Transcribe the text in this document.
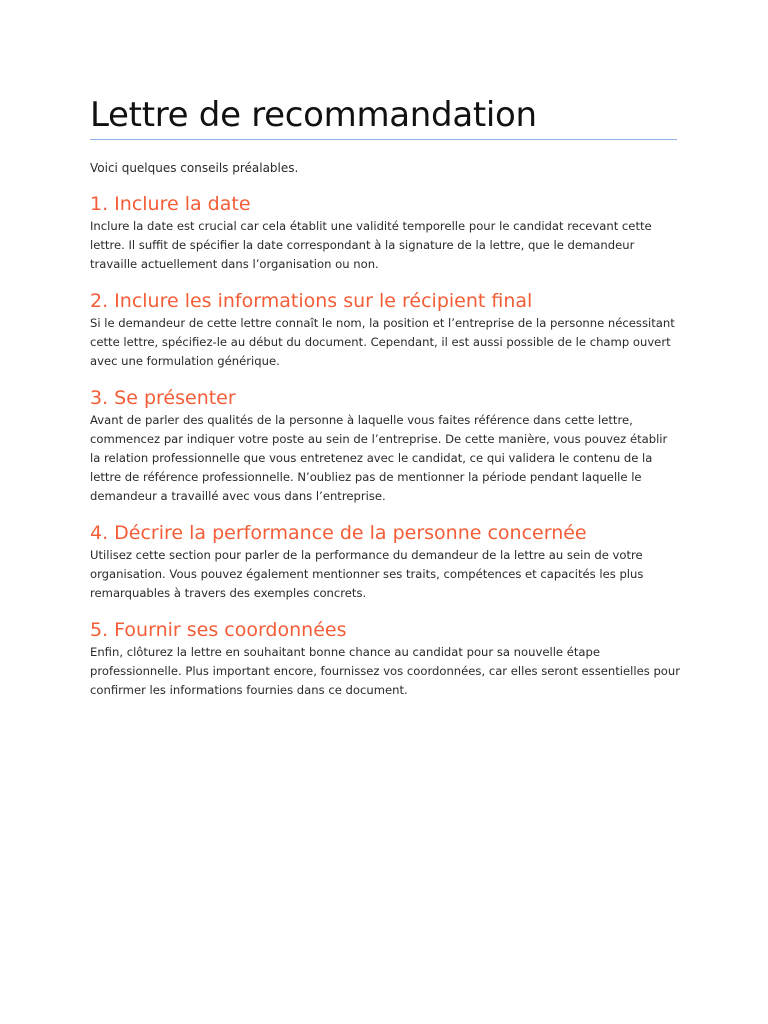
Lettre de recommandation

Voici quelques conseils préalables.

1. Inclure la date

Inclure la date est crucial car cela établit une validité temporelle pour le candidat recevant cette lettre. Il suffit de spécifier la date correspondant à la signature de la lettre, que le demandeur travaille actuellement dans l’organisation ou non.

2. Inclure les informations sur le récipient final

Si le demandeur de cette lettre connaît le nom, la position et l’entreprise de la personne nécessitant cette lettre, spécifiez-le au début du document. Cependant, il est aussi possible de le champ ouvert avec une formulation générique.

3. Se présenter

Avant de parler des qualités de la personne à laquelle vous faites référence dans cette lettre, commencez par indiquer votre poste au sein de l’entreprise. De cette manière, vous pouvez établir la relation professionnelle que vous entretenez avec le candidat, ce qui validera le contenu de la lettre de référence professionnelle. N’oubliez pas de mentionner la période pendant laquelle le demandeur a travaillé avec vous dans l’entreprise.

4. Décrire la performance de la personne concernée

Utilisez cette section pour parler de la performance du demandeur de la lettre au sein de votre organisation. Vous pouvez également mentionner ses traits, compétences et capacités les plus remarquables à travers des exemples concrets.

5. Fournir ses coordonnées

Enfin, clôturez la lettre en souhaitant bonne chance au candidat pour sa nouvelle étape professionnelle. Plus important encore, fournissez vos coordonnées, car elles seront essentielles pour confirmer les informations fournies dans ce document.
